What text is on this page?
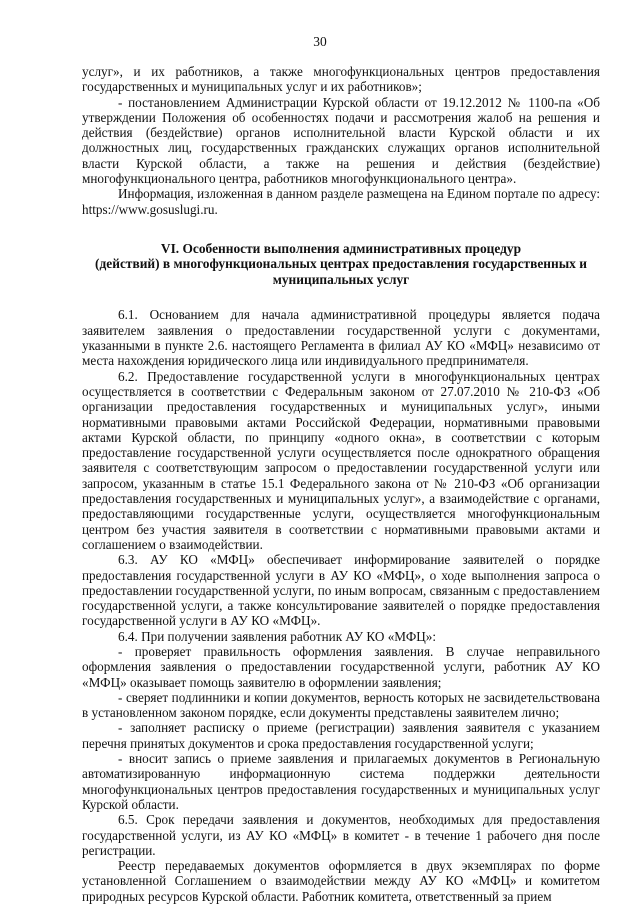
30

услуг», и их работников, а также многофункциональных центров предоставления государственных и муниципальных услуг и их работников»;

- постановлением Администрации Курской области от 19.12.2012 № 1100-па «Об утверждении Положения об особенностях подачи и рассмотрения жалоб на решения и действия (бездействие) органов исполнительной власти Курской области и их должностных лиц, государственных гражданских служащих органов исполнительной власти Курской области, а также на решения и действия (бездействие) многофункционального центра, работников многофункционального центра».

Информация, изложенная в данном разделе размещена на Едином портале по адресу: https://www.gosuslugi.ru.

VI. Особенности выполнения административных процедур
(действий) в многофункциональных центрах предоставления государственных и
муниципальных услуг

6.1. Основанием для начала административной процедуры является подача заявителем заявления о предоставлении государственной услуги с документами, указанными в пункте 2.6. настоящего Регламента в филиал АУ КО «МФЦ» независимо от места нахождения юридического лица или индивидуального предпринимателя.

6.2. Предоставление государственной услуги в многофункциональных центрах осуществляется в соответствии с Федеральным законом от 27.07.2010 № 210-ФЗ «Об организации предоставления государственных и муниципальных услуг», иными нормативными правовыми актами Российской Федерации, нормативными правовыми актами Курской области, по принципу «одного окна», в соответствии с которым предоставление государственной услуги осуществляется после однократного обращения заявителя с соответствующим запросом о предоставлении государственной услуги или запросом, указанным в статье 15.1 Федерального закона от № 210-ФЗ «Об организации предоставления государственных и муниципальных услуг», а взаимодействие с органами, предоставляющими государственные услуги, осуществляется многофункциональным центром без участия заявителя в соответствии с нормативными правовыми актами и соглашением о взаимодействии.

6.3. АУ КО «МФЦ» обеспечивает информирование заявителей о порядке предоставления государственной услуги в АУ КО «МФЦ», о ходе выполнения запроса о предоставлении государственной услуги, по иным вопросам, связанным с предоставлением государственной услуги, а также консультирование заявителей о порядке предоставления государственной услуги в АУ КО «МФЦ».

6.4. При получении заявления работник АУ КО «МФЦ»:

- проверяет правильность оформления заявления. В случае неправильного оформления заявления о предоставлении государственной услуги, работник АУ КО «МФЦ» оказывает помощь заявителю в оформлении заявления;

- сверяет подлинники и копии документов, верность которых не засвидетельствована в установленном законом порядке, если документы представлены заявителем лично;

- заполняет расписку о приеме (регистрации) заявления заявителя с указанием перечня принятых документов и срока предоставления государственной услуги;

- вносит запись о приеме заявления и прилагаемых документов в Региональную автоматизированную информационную система поддержки деятельности многофункциональных центров предоставления государственных и муниципальных услуг Курской области.

6.5. Срок передачи заявления и документов, необходимых для предоставления государственной услуги, из АУ КО «МФЦ» в комитет - в течение 1 рабочего дня после регистрации.

Реестр передаваемых документов оформляется в двух экземплярах по форме установленной Соглашением о взаимодействии между АУ КО «МФЦ» и комитетом природных ресурсов Курской области. Работник комитета, ответственный за прием
